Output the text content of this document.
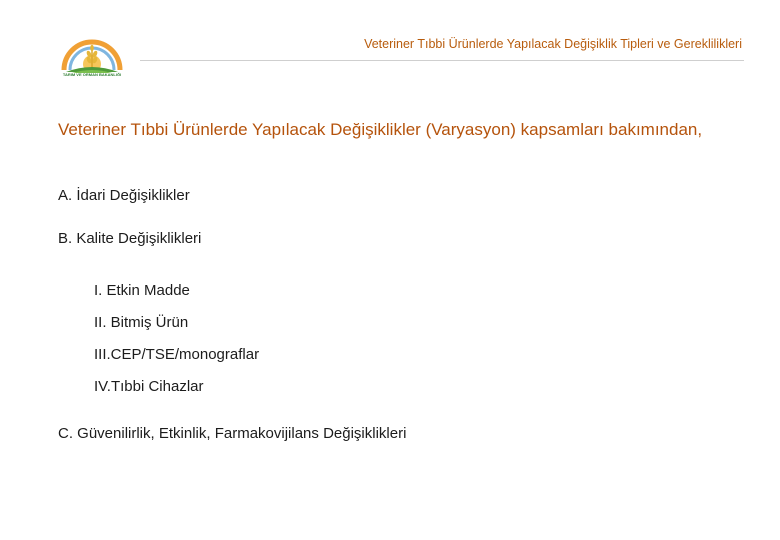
TARIM VE ORMAN BAKANLIĞI
Veteriner Tıbbi Ürünlerde Yapılacak Değişiklik Tipleri ve Gereklilikleri
Veteriner Tıbbi Ürünlerde Yapılacak Değişiklikler (Varyasyon) kapsamları bakımından,
A. İdari Değişiklikler
B. Kalite Değişiklikleri
I. Etkin Madde
II. Bitmiş Ürün
III.CEP/TSE/monograflar
IV.Tıbbi Cihazlar
C. Güvenilirlik, Etkinlik, Farmakovijilans Değişiklikleri
